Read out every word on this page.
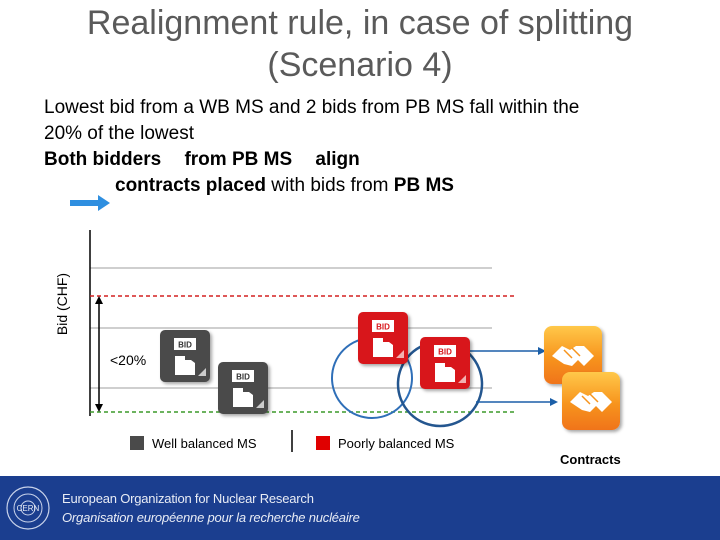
Realignment rule, in case of splitting
(Scenario 4)
Lowest bid from a WB MS and 2 bids from PB MS fall within the
20% of the lowest
Both bidders from PB MS align
contracts placed with bids from PB MS
Bid (CHF)
<20%
BID
BID
BID
BID
Well balanced MS	Poorly balanced MS
Contracts
CERN
European Organization for Nuclear Research
Organisation européenne pour la recherche nucléaire
